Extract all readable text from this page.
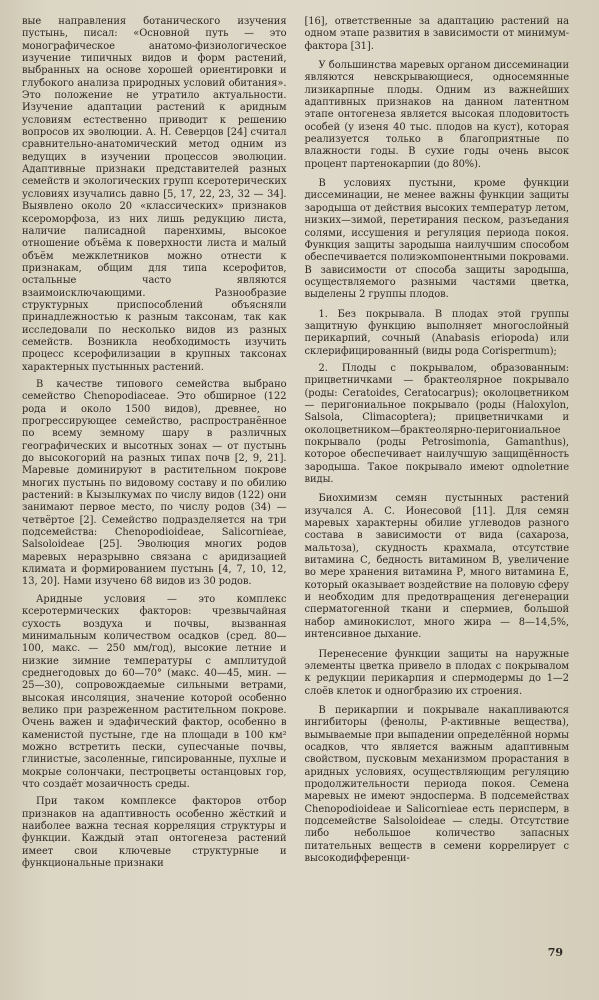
вые направления ботанического изучения пустынь, писал: «Основной путь — это моногрaфическое анатомо-физиологическое изучение типичных видов и форм растений, выбранных на основе хорошей ориентировки и глубокого анализа природных условий обитания». Это положение не утратило актуальности. Изучение адаптации растений к аридным условиям естественно приводит к решению вопросов их эволюции. А. Н. Северцов [24] считал сравнительно-анатомический метод одним из ведущих в изучении процессов эволюции. Адаптивные признаки представителей разных семейств и экологических групп ксерoтерических условиях изучались давно [5, 17, 22, 23, 32 — 34]. Выявлено около 20 «классических» признаков ксероморфоза, из них лишь редукцию листа, наличие палисадной паренхимы, высокое отношение объёма к поверхности листа и малый объём межклетников можно отнести к признакам, общим для типа ксерофитов, остальные часто являются взаимоисключающими. Разнообразие структурных приспособлений объясняли принадлежностью к разным таксонам, так как исследовали по несколько видов из разных семейств. Возникла необходимость изучить процесс ксерофилизации в крупных таксонах характерных пустынных растений.

В качестве типового семейства выбрано семейство Chenopodiaceae. Это обширное (122 рода и около 1500 видов), древнее, но прогрессирующее семейство, распространённое по всему земному шару в различных географических и высотных зонах — от пустынь до высокогорий на разных типах почв [2, 9, 21]. Маревые доминируют в растительном покрове многих пустынь по видовому составу и по обилию растений: в Кызылкумах по числу видов (122) они занимают первое место, по числу родов (34) — четвёртое [2]. Семейство подразделяется на три подсемейства: Chenopodioideae, Salicornieae, Salsoloideae [25]. Эволюция многих родов маревых неразрывно связана с аридизацией климата и формированием пустынь [4, 7, 10, 12, 13, 20]. Нами изучено 68 видов из 30 родов.

Аридные условия — это комплекс ксеротермических факторов: чрезвычайная сухость воздуха и почвы, вызванная минимальным количеством осадков (сред. 80— 100, макс. — 250 мм/год), высокие летние и низкие зимние температуры с амплитудой среднегодовых до 60—70° (макс. 40—45, мин. — 25—30), сопровождаемые сильными ветрами, высокая инсоляция, значение которой особенно велико при разреженном растительном покрове. Очень важен и эдафический фактор, особенно в каменистой пустыне, где на площади в 100 км² можно встретить пески, супесчаные почвы, глинистые, засоленные, гипсированные, пухлые и мокрые солончаки, пестроцветы останцовых гор, что создаёт мозаичность среды.

При таком комплексе факторов отбор признаков на адаптивность особенно жёсткий и наиболее важна тесная корреляция структуры и функции. Каждый этап онтогенеза растений имеет свои ключевые структурные и функциональные признаки

[16], ответственные за адаптацию растений на одном этапе развития в зависимости от минимум-фактора [31].

У большинства маревых органом диссеминации являются невскрывающиеся, односемянные лизикарпные плоды. Одним из важнейших адаптивных признаков на данном латентном этапе онтогенеза является высокая плодовитость особей (у изеня 40 тыс. плодов на куст), которая реализуется только в благоприятные по влажности годы. В сухие годы очень высок процент партенокарпии (до 80%).

В условиях пустыни, кроме функции диссеминации, не менее важны функции защиты зародыша от действия высоких температур летом, низких—зимой, перетирания песком, разъедания солями, иссушения и регуляция периода покоя. Функция защиты зародыша наилучшим способом обеспечивается полиэкомпонентными покровами. В зависимости от способа защиты зародыша, осуществляемого разными частями цветка, выделены 2 группы плодов.

1. Без покрывала. В плодах этой группы защитную функцию выполняет многослойный перикарпий, сочный (Anabasis eriopoda) или склерифицированный (виды рода Corispermum);

2. Плоды с покрывалом, образованным: прицветничками — брактеолярное покрывало (роды: Ceratoides, Ceratocarpus); околоцветником — перигониальное покрывало (роды (Haloxylon, Salsola, Climacoptera); прицветничками и околоцветником—брактеолярно-перигониальное покрывало (роды Petrosimonia, Gamanthus), которое обеспечивает наилучшую защищённость зародыша. Такое покрывало имеют одnolетние виды.

Биохимизм семян пустынных растений изучался А. С. Ионесовой [11]. Для семян маревых характерны обилие углеводов разного состава в зависимости от вида (сахароза, мальтоза), скудность крахмала, отсутствие витамина С, бедность витамином В, увеличение во мере хранения витамина Р, много витамина Е, который оказывает воздействие на половую сферу и необходим для предотвращения дегенерации сперматогенной ткани и спермиев, большой набор аминокислот, много жира — 8—14,5%, интенсивное дыхание.

Перенесение функции защиты на наружные элементы цветка привело в плодах с покрывалом к редукции перикарпия и спермодермы до 1—2 слоёв клеток и одногбразию их строения.

В перикарпии и покрывале накапливаются ингибиторы (фенолы, Р-активные вещества), вымываемые при выпадении определённой нормы осадков, что является важным адаптивным свойством, пусковым механизмом прорастания в аридных условиях, осуществляющим регуляцию продолжительности периода покоя. Семена маревых не имеют эндосперма. В подсемействах Chenopodioideae и Salicornieae есть перисперм, в подсемействе Salsoloideae — следы. Отсутствие либо небольшое количество запасных питательных веществ в семени коррелирует с высокодифференци-

79
